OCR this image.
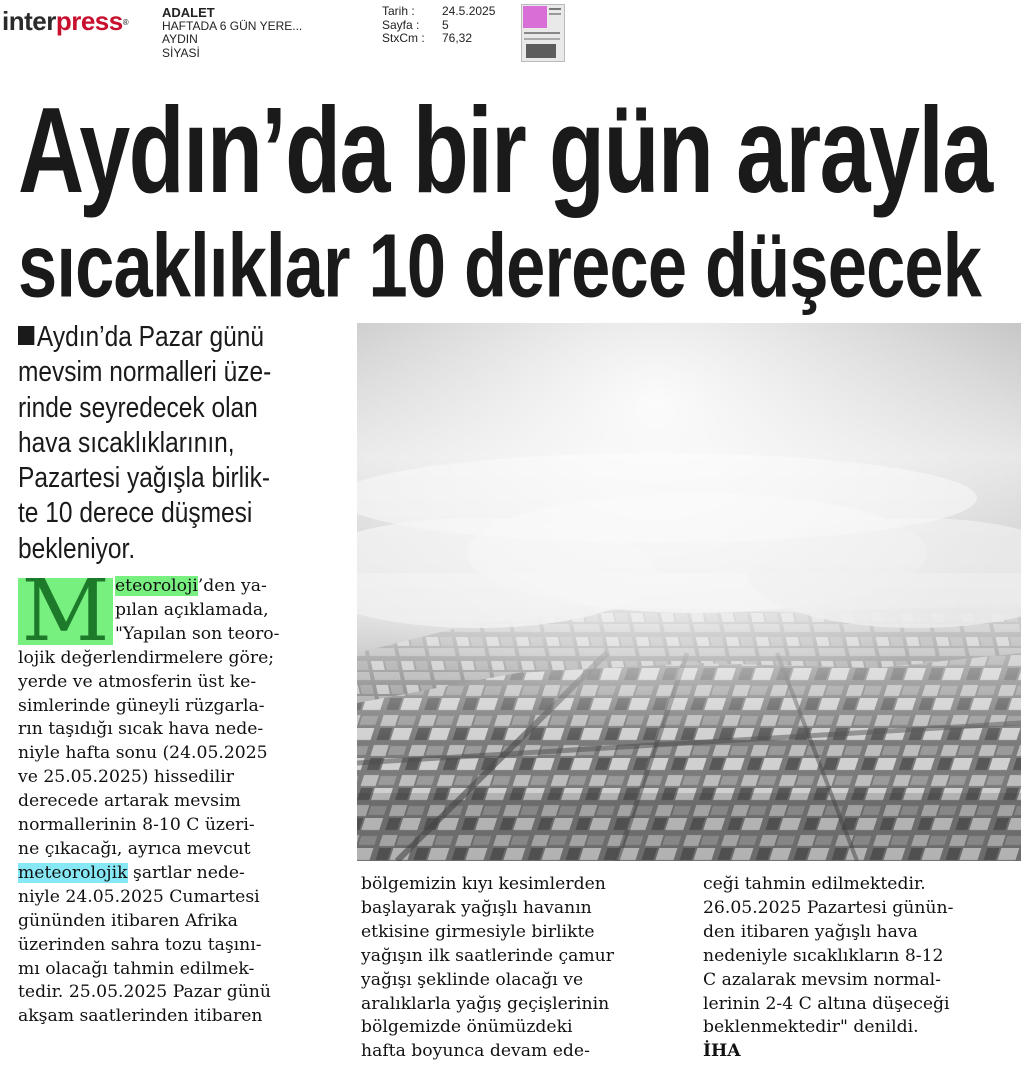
interpress®
ADALET
HAFTADA 6 GÜN YERE...
AYDIN
SİYASİ
Tarih :	24.5.2025
Sayfa :	5
StxCm :	76,32
Aydın’da bir gün arayla
sıcaklıklar 10 derece düşecek
Aydın’da Pazar günü
mevsim normalleri üze-
rinde seyredecek olan
hava sıcaklıklarının,
Pazartesi yağışla birlik-
te 10 derece düşmesi
bekleniyor.
M eteoroloji’den ya-
pılan açıklamada,
"Yapılan son teoro-
lojik değerlendirmelere göre;
yerde ve atmosferin üst ke-
simlerinde güneyli rüzgarla-
rın taşıdığı sıcak hava nede-
niyle hafta sonu (24.05.2025
ve 25.05.2025) hissedilir
derecede artarak mevsim
normallerinin 8-10 C üzeri-
ne çıkacağı, ayrıca mevcut
meteorolojik şartlar nede-
niyle 24.05.2025 Cumartesi
gününden itibaren Afrika
üzerinden sahra tozu taşını-
mı olacağı tahmin edilmek-
tedir. 25.05.2025 Pazar günü
akşam saatlerinden itibaren
bölgemizin kıyı kesimlerden
başlayarak yağışlı havanın
etkisine girmesiyle birlikte
yağışın ilk saatlerinde çamur
yağışı şeklinde olacağı ve
aralıklarla yağış geçişlerinin
bölgemizde önümüzdeki
hafta boyunca devam ede-
ceği tahmin edilmektedir.
26.05.2025 Pazartesi günün-
den itibaren yağışlı hava
nedeniyle sıcaklıkların 8-12
C azalarak mevsim normal-
lerinin 2-4 C altına düşeceği
beklenmektedir" denildi.
İHA
